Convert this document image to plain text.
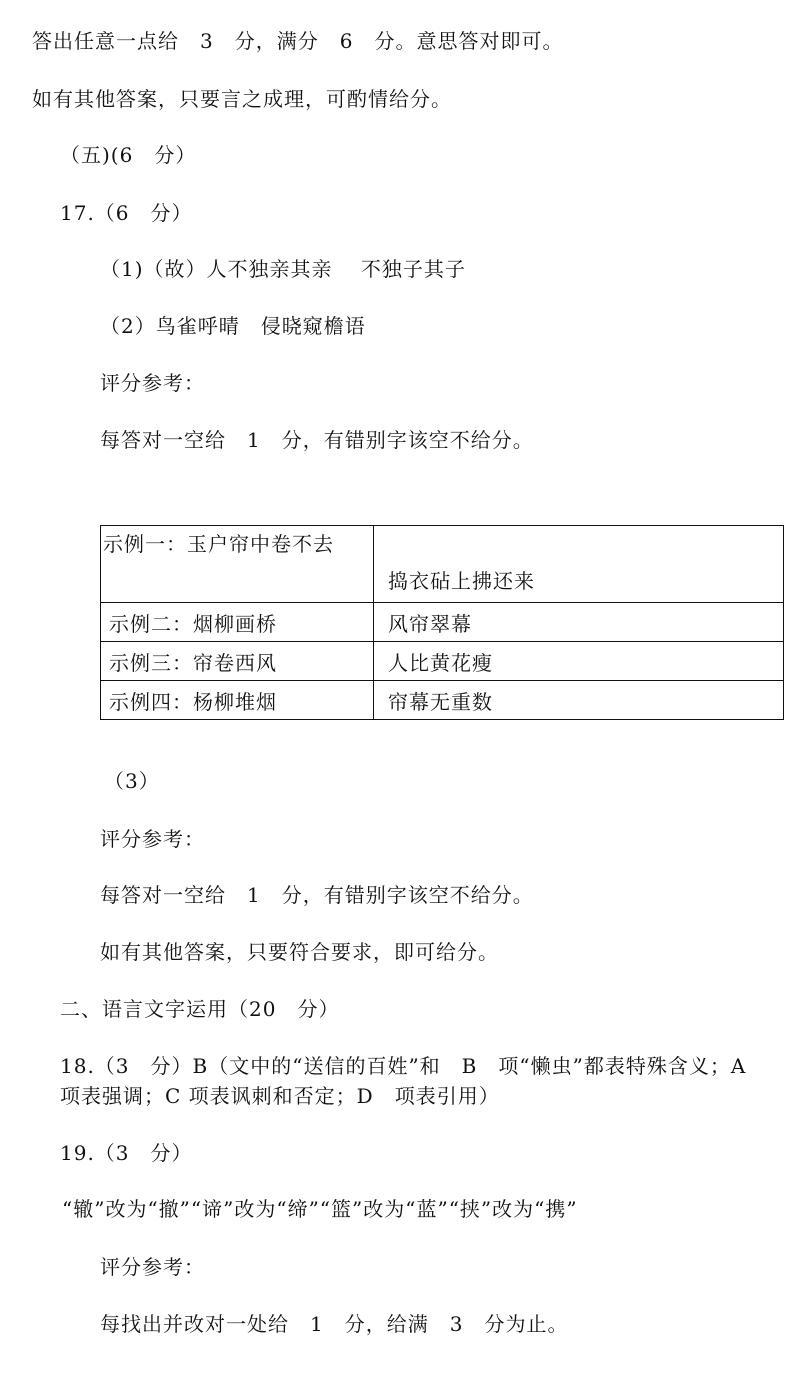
答出任意一点给　3　分，满分　6　分。意思答对即可。
如有其他答案，只要言之成理，可酌情给分。
（五)(6　分）
17.（6　分）
（1)（故）人不独亲其亲　 不独子其子
（2）鸟雀呼晴　侵晓窥檐语
评分参考：
每答对一空给　1　分，有错别字该空不给分。
示例一：玉户帘中卷不去	捣衣砧上拂还来
示例二：烟柳画桥	风帘翠幕
示例三：帘卷西风	人比黄花瘦
示例四：杨柳堆烟	帘幕无重数
（3）
评分参考：
每答对一空给　1　分，有错别字该空不给分。
如有其他答案，只要符合要求，即可给分。
二、语言文字运用（20　分）
18.（3　分）B（文中的“送信的百姓”和　B　项“懒虫”都表特殊含义；A
项表强调；C 项表讽刺和否定；D　项表引用）
19.（3　分）
“辙”改为“撤”“谛”改为“缔”“篮”改为“蓝”“挟”改为“携”
评分参考：
每找出并改对一处给　1　分，给满　3　分为止。
